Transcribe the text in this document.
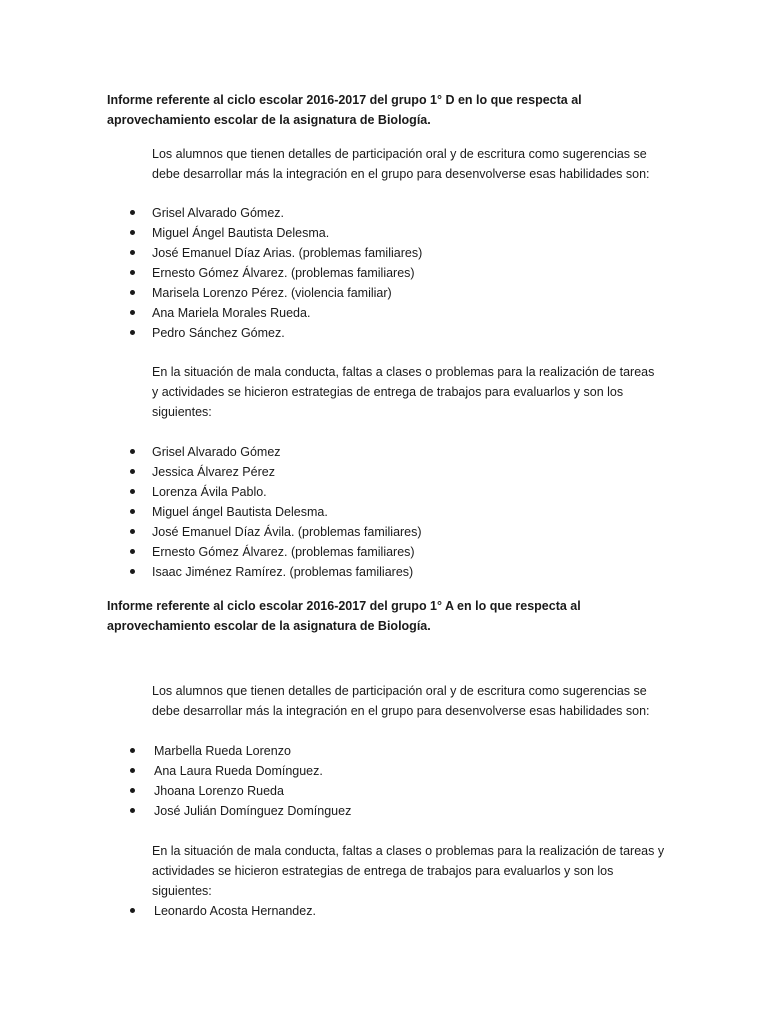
Informe referente al ciclo escolar 2016-2017 del grupo 1° D en lo que respecta al
aprovechamiento escolar de la asignatura de Biología.
Los alumnos que tienen detalles de participación oral y de escritura como sugerencias se
debe desarrollar más la integración en el grupo para desenvolverse esas habilidades son:
Grisel Alvarado Gómez.
Miguel Ángel Bautista Delesma.
José Emanuel Díaz Arias. (problemas familiares)
Ernesto Gómez Álvarez. (problemas familiares)
Marisela Lorenzo Pérez. (violencia familiar)
Ana Mariela Morales Rueda.
Pedro Sánchez Gómez.
En la situación de mala conducta, faltas a clases o problemas para la realización de tareas
y actividades se hicieron estrategias de entrega de trabajos para evaluarlos y son los
siguientes:
Grisel Alvarado Gómez
Jessica Álvarez Pérez
Lorenza Ávila Pablo.
Miguel ángel Bautista Delesma.
José Emanuel Díaz Ávila. (problemas familiares)
Ernesto Gómez Álvarez. (problemas familiares)
Isaac Jiménez Ramírez. (problemas familiares)
Informe referente al ciclo escolar 2016-2017 del grupo 1° A en lo que respecta al
aprovechamiento escolar de la asignatura de Biología.
Los alumnos que tienen detalles de participación oral y de escritura como sugerencias se
debe desarrollar más la integración en el grupo para desenvolverse esas habilidades son:
Marbella Rueda Lorenzo
Ana Laura Rueda Domínguez.
Jhoana Lorenzo Rueda
José Julián Domínguez Domínguez
En la situación de mala conducta, faltas a clases o problemas para la realización de tareas y
actividades se hicieron estrategias de entrega de trabajos para evaluarlos y son los
siguientes:
Leonardo Acosta Hernandez.
